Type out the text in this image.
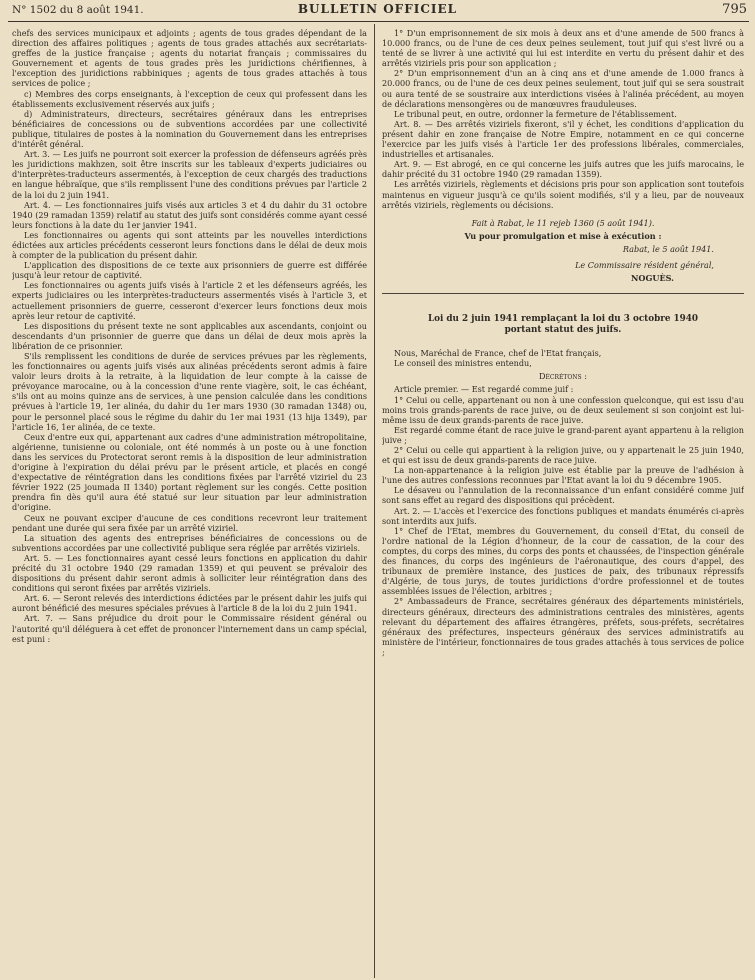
N° 1502 du 8 août 1941.	BULLETIN OFFICIEL	795

chefs des services municipaux et adjoints ; agents de tous grades dépendant de la direction des affaires politiques ; agents de tous grades attachés aux secrétariats-greffes de la justice française ; agents du notariat français ; commissaires du Gouvernement et agents de tous grades près les juridictions chérifiennes, à l'exception des juridictions rabbiniques ; agents de tous grades attachés à tous services de police ;

c) Membres des corps enseignants, à l'exception de ceux qui professent dans les établissements exclusivement réservés aux juifs ;

d) Administrateurs, directeurs, secrétaires généraux dans les entreprises bénéficiaires de concessions ou de subventions accordées par une collectivité publique, titulaires de postes à la nomination du Gouvernement dans les entreprises d'intérêt général.

Art. 3. — Les juifs ne pourront soit exercer la profession de défenseurs agréés près les juridictions makhzen, soit être inscrits sur les tableaux d'experts judiciaires ou d'interprètes-traducteurs assermentés, à l'exception de ceux chargés des traductions en langue hébraïque, que s'ils remplissent l'une des conditions prévues par l'article 2 de la loi du 2 juin 1941.

Art. 4. — Les fonctionnaires juifs visés aux articles 3 et 4 du dahir du 31 octobre 1940 (29 ramadan 1359) relatif au statut des juifs sont considérés comme ayant cessé leurs fonctions à la date du 1er janvier 1941.

Les fonctionnaires ou agents qui sont atteints par les nouvelles interdictions édictées aux articles précédents cesseront leurs fonctions dans le délai de deux mois à compter de la publication du présent dahir.

L'application des dispositions de ce texte aux prisonniers de guerre est différée jusqu'à leur retour de captivité.

Les fonctionnaires ou agents juifs visés à l'article 2 et les défenseurs agréés, les experts judiciaires ou les interprètes-traducteurs assermentés visés à l'article 3, et actuellement prisonniers de guerre, cesseront d'exercer leurs fonctions deux mois après leur retour de captivité.

Les dispositions du présent texte ne sont applicables aux ascendants, conjoint ou descendants d'un prisonnier de guerre que dans un délai de deux mois après la libération de ce prisonnier.

S'ils remplissent les conditions de durée de services prévues par les règlements, les fonctionnaires ou agents juifs visés aux alinéas précédents seront admis à faire valoir leurs droits à la retraite, à la liquidation de leur compte à la caisse de prévoyance marocaine, ou à la concession d'une rente viagère, soit, le cas échéant, s'ils ont au moins quinze ans de services, à une pension calculée dans les conditions prévues à l'article 19, 1er alinéa, du dahir du 1er mars 1930 (30 ramadan 1348) ou, pour le personnel placé sous le régime du dahir du 1er mai 1931 (13 hija 1349), par l'article 16, 1er alinéa, de ce texte.

Ceux d'entre eux qui, appartenant aux cadres d'une administration métropolitaine, algérienne, tunisienne ou coloniale, ont été nommés à un poste ou à une fonction dans les services du Protectorat seront remis à la disposition de leur administration d'origine à l'expiration du délai prévu par le présent article, et placés en congé d'expectative de réintégration dans les conditions fixées par l'arrêté viziriel du 23 février 1922 (25 joumada II 1340) portant règlement sur les congés. Cette position prendra fin dès qu'il aura été statué sur leur situation par leur administration d'origine.

Ceux ne pouvant exciper d'aucune de ces conditions recevront leur traitement pendant une durée qui sera fixée par un arrêté viziriel.

La situation des agents des entreprises bénéficiaires de concessions ou de subventions accordées par une collectivité publique sera réglée par arrêtés viziriels.

Art. 5. — Les fonctionnaires ayant cessé leurs fonctions en application du dahir précité du 31 octobre 1940 (29 ramadan 1359) et qui peuvent se prévaloir des dispositions du présent dahir seront admis à solliciter leur réintégration dans des conditions qui seront fixées par arrêtés viziriels.

Art. 6. — Seront relevés des interdictions édictées par le présent dahir les juifs qui auront bénéficié des mesures spéciales prévues à l'article 8 de la loi du 2 juin 1941.

Art. 7. — Sans préjudice du droit pour le Commissaire résident général ou l'autorité qu'il déléguera à cet effet de prononcer l'internement dans un camp spécial, est puni :

1° D'un emprisonnement de six mois à deux ans et d'une amende de 500 francs à 10.000 francs, ou de l'une de ces deux peines seulement, tout juif qui s'est livré ou a tenté de se livrer à une activité qui lui est interdite en vertu du présent dahir et des arrêtés viziriels pris pour son application ;

2° D'un emprisonnement d'un an à cinq ans et d'une amende de 1.000 francs à 20.000 francs, ou de l'une de ces deux peines seulement, tout juif qui se sera soustrait ou aura tenté de se soustraire aux interdictions visées à l'alinéa précédent, au moyen de déclarations mensongères ou de manœuvres frauduleuses.

Le tribunal peut, en outre, ordonner la fermeture de l'établissement.

Art. 8. — Des arrêtés viziriels fixeront, s'il y échet, les conditions d'application du présent dahir en zone française de Notre Empire, notamment en ce qui concerne l'exercice par les juifs visés à l'article 1er des professions libérales, commerciales, industrielles et artisanales.

Art. 9. — Est abrogé, en ce qui concerne les juifs autres que les juifs marocains, le dahir précité du 31 octobre 1940 (29 ramadan 1359).

Les arrêtés viziriels, règlements et décisions pris pour son application sont toutefois maintenus en vigueur jusqu'à ce qu'ils soient modifiés, s'il y a lieu, par de nouveaux arrêtés viziriels, règlements ou décisions.

Fait à Rabat, le 11 rejeb 1360 (5 août 1941).

Vu pour promulgation et mise à exécution :

Rabat, le 5 août 1941.

Le Commissaire résident général,

NOGUÈS.

Loi du 2 juin 1941 remplaçant la loi du 3 octobre 1940
portant statut des juifs.

Nous, Maréchal de France, chef de l'Etat français,

Le conseil des ministres entendu,

Décrétons :

Article premier. — Est regardé comme juif :

1° Celui ou celle, appartenant ou non à une confession quelconque, qui est issu d'au moins trois grands-parents de race juive, ou de deux seulement si son conjoint est lui-même issu de deux grands-parents de race juive.

Est regardé comme étant de race juive le grand-parent ayant appartenu à la religion juive ;

2° Celui ou celle qui appartient à la religion juive, ou y appartenait le 25 juin 1940, et qui est issu de deux grands-parents de race juive.

La non-appartenance à la religion juive est établie par la preuve de l'adhésion à l'une des autres confessions reconnues par l'Etat avant la loi du 9 décembre 1905.

Le désaveu ou l'annulation de la reconnaissance d'un enfant considéré comme juif sont sans effet au regard des dispositions qui précèdent.

Art. 2. — L'accès et l'exercice des fonctions publiques et mandats énumérés ci-après sont interdits aux juifs.

1° Chef de l'Etat, membres du Gouvernement, du conseil d'Etat, du conseil de l'ordre national de la Légion d'honneur, de la cour de cassation, de la cour des comptes, du corps des mines, du corps des ponts et chaussées, de l'inspection générale des finances, du corps des ingénieurs de l'aéronautique, des cours d'appel, des tribunaux de première instance, des justices de paix, des tribunaux répressifs d'Algérie, de tous jurys, de toutes juridictions d'ordre professionnel et de toutes assemblées issues de l'élection, arbitres ;

2° Ambassadeurs de France, secrétaires généraux des départements ministériels, directeurs généraux, directeurs des administrations centrales des ministères, agents relevant du département des affaires étrangères, préfets, sous-préfets, secrétaires généraux des préfectures, inspecteurs généraux des services administratifs au ministère de l'intérieur, fonctionnaires de tous grades attachés à tous services de police ;
